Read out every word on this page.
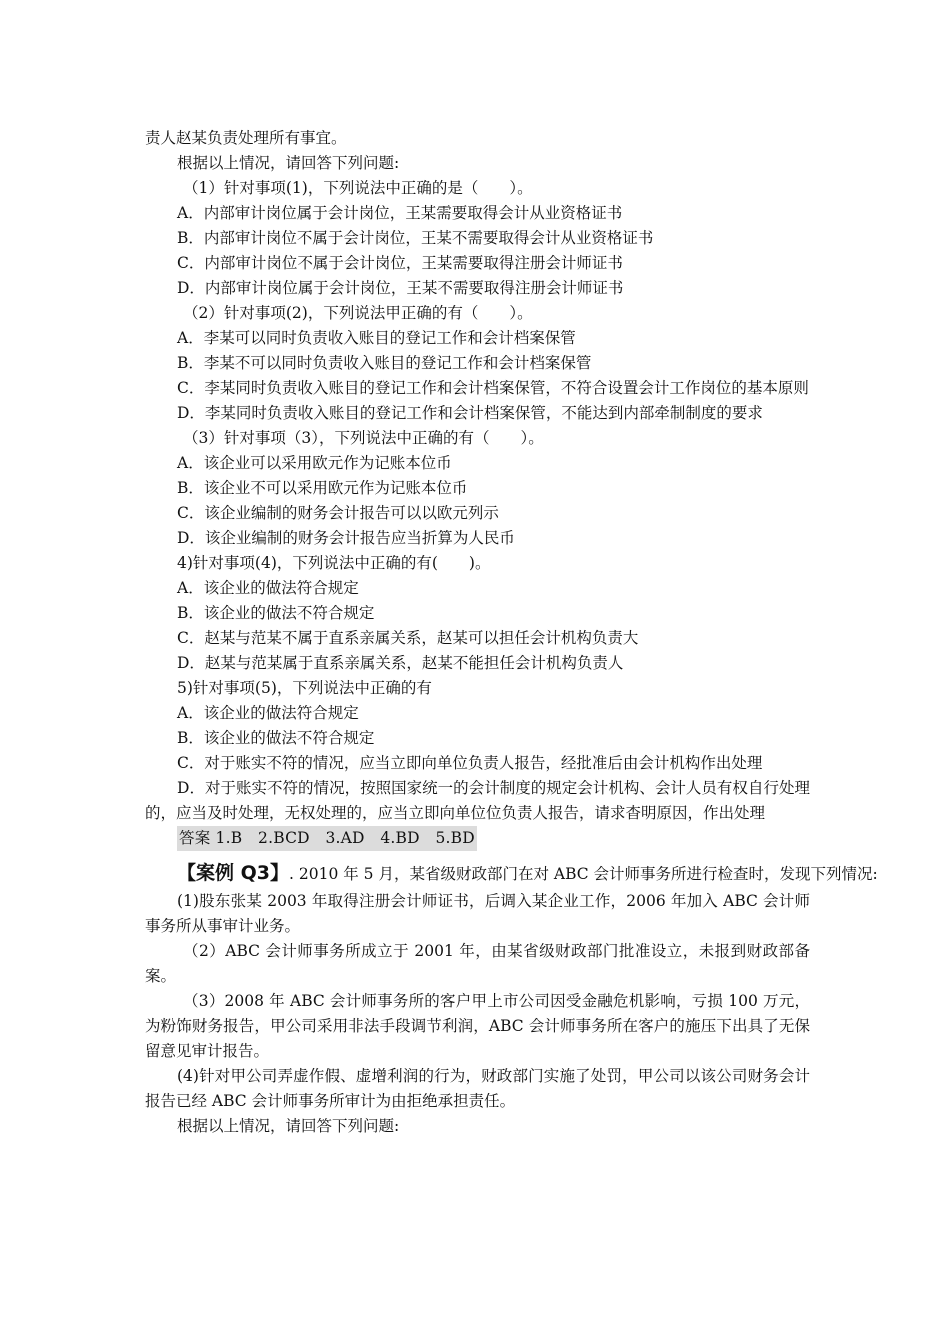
责人赵某负责处理所有事宜。

根据以上情况，请回答下列问题:

（1）针对事项(1)，下列说法中正确的是（　　）。

A．内部审计岗位属于会计岗位，王某需要取得会计从业资格证书

B．内部审计岗位不属于会计岗位，王某不需要取得会计从业资格证书

C．内部审计岗位不属于会计岗位，王某需要取得注册会计师证书

D．内部审计岗位属于会计岗位，王某不需要取得注册会计师证书

（2）针对事项(2)，下列说法甲正确的有（　　）。

A．李某可以同时负责收入账目的登记工作和会计档案保管

B．李某不可以同时负责收入账目的登记工作和会计档案保管

C．李某同时负责收入账目的登记工作和会计档案保管，不符合设置会计工作岗位的基本原则

D．李某同时负责收入账目的登记工作和会计档案保管，不能达到内部牵制制度的要求

（3）针对事项（3），下列说法中正确的有（　　）。

A．该企业可以采用欧元作为记账本位币

B．该企业不可以采用欧元作为记账本位币

C．该企业编制的财务会计报告可以以欧元列示

D．该企业编制的财务会计报告应当折算为人民币

4)针对事项(4)，下列说法中正确的有(　　)。

A．该企业的做法符合规定

B．该企业的做法不符合规定

C．赵某与范某不属于直系亲属关系，赵某可以担任会计机构负责大

D．赵某与范某属于直系亲属关系，赵某不能担任会计机构负责人

5)针对事项(5)，下列说法中正确的有

A．该企业的做法符合规定

B．该企业的做法不符合规定

C．对于账实不符的情况，应当立即向单位负责人报告，经批准后由会计机构作出处理

D．对于账实不符的情况，按照国家统一的会计制度的规定会计机构、会计人员有权自行处理的，应当及时处理，无权处理的，应当立即向单位位负责人报告，请求杳明原因，作出处理

答案 1.B　2.BCD　3.AD　4.BD　5.BD

【案例 Q3】. 2010 年 5 月，某省级财政部门在对 ABC 会计师事务所进行检查时，发现下列情况:

(1)股东张某 2003 年取得注册会计师证书，后调入某企业工作，2006 年加入 ABC 会计师事务所从事审计业务。

（2）ABC 会计师事务所成立于 2001 年，由某省级财政部门批准设立，未报到财政部备案。

（3）2008 年 ABC 会计师事务所的客户甲上市公司因受金融危机影响，亏损 100 万元，为粉饰财务报告，甲公司采用非法手段调节利润，ABC 会计师事务所在客户的施压下出具了无保留意见审计报告。

(4)针对甲公司弄虚作假、虚增利润的行为，财政部门实施了处罚，甲公司以该公司财务会计报告已经 ABC 会计师事务所审计为由拒绝承担责任。

根据以上情况，请回答下列问题:
